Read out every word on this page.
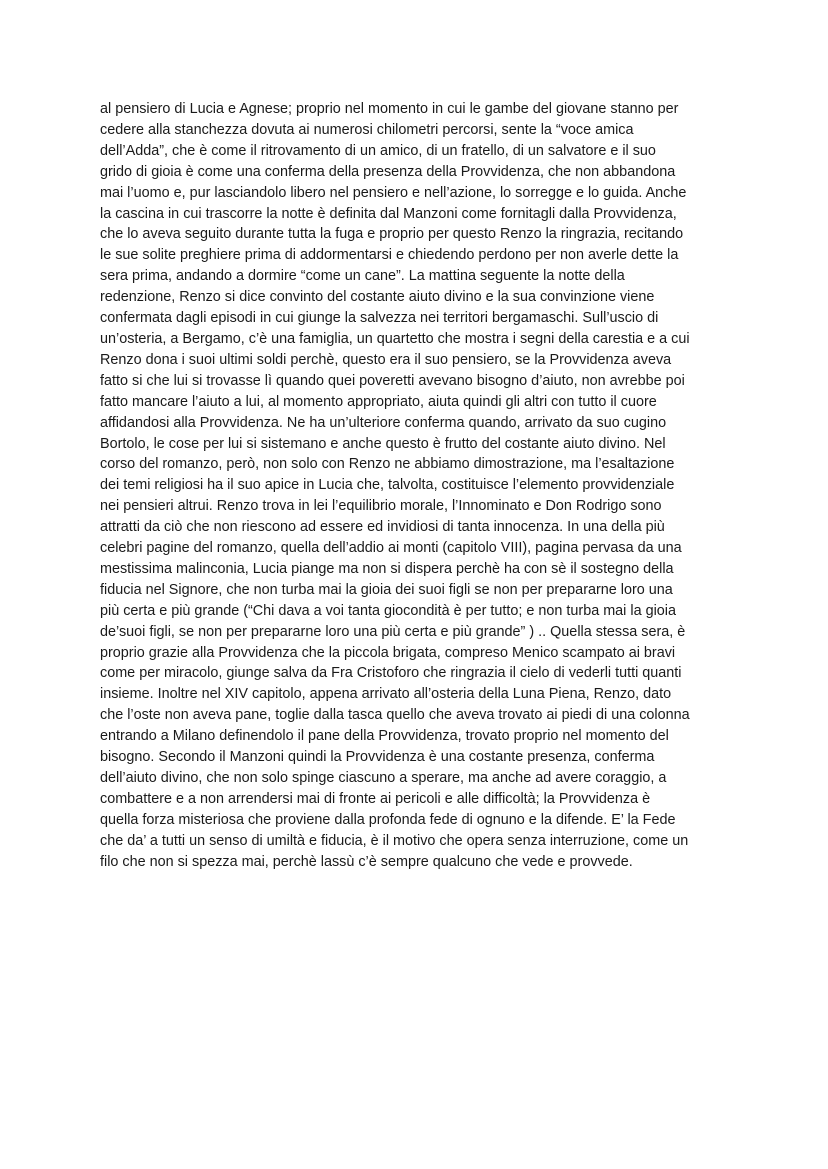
al pensiero di Lucia e Agnese; proprio nel momento in cui le gambe del giovane stanno per
cedere alla stanchezza dovuta ai numerosi chilometri percorsi, sente la “voce amica
dell’Adda”, che è come il ritrovamento di un amico, di un fratello, di un salvatore e il suo
grido di gioia è come una conferma della presenza della Provvidenza, che non abbandona
mai l’uomo e, pur lasciandolo libero nel pensiero e nell’azione, lo sorregge e lo guida. Anche
la cascina in cui trascorre la notte è definita dal Manzoni come fornitagli dalla Provvidenza,
che lo aveva seguito durante tutta la fuga e proprio per questo Renzo la ringrazia, recitando
le sue solite preghiere prima di addormentarsi e chiedendo perdono per non averle dette la
sera prima, andando a dormire “come un cane”. La mattina seguente la notte della
redenzione, Renzo si dice convinto del costante aiuto divino e la sua convinzione viene
confermata dagli episodi in cui giunge la salvezza nei territori bergamaschi. Sull’uscio di
un’osteria, a Bergamo, c’è una famiglia, un quartetto che mostra i segni della carestia e a cui
Renzo dona i suoi ultimi soldi perchè, questo era il suo pensiero, se la Provvidenza aveva
fatto si che lui si trovasse lì quando quei poveretti avevano bisogno d’aiuto, non avrebbe poi
fatto mancare l’aiuto a lui, al momento appropriato, aiuta quindi gli altri con tutto il cuore
affidandosi alla Provvidenza. Ne ha un’ulteriore conferma quando, arrivato da suo cugino
Bortolo, le cose per lui si sistemano e anche questo è frutto del costante aiuto divino. Nel
corso del romanzo, però, non solo con Renzo ne abbiamo dimostrazione, ma l’esaltazione
dei temi religiosi ha il suo apice in Lucia che, talvolta, costituisce l’elemento provvidenziale
nei pensieri altrui. Renzo trova in lei l’equilibrio morale, l’Innominato e Don Rodrigo sono
attratti da ciò che non riescono ad essere ed invidiosi di tanta innocenza. In una della più
celebri pagine del romanzo, quella dell’addio ai monti (capitolo VIII), pagina pervasa da una
mestissima malinconia, Lucia piange ma non si dispera perchè ha con sè il sostegno della
fiducia nel Signore, che non turba mai la gioia dei suoi figli se non per prepararne loro una
più certa e più grande (“Chi dava a voi tanta giocondità è per tutto; e non turba mai la gioia
de’suoi figli, se non per prepararne loro una più certa e più grande” ) .. Quella stessa sera, è
proprio grazie alla Provvidenza che la piccola brigata, compreso Menico scampato ai bravi
come per miracolo, giunge salva da Fra Cristoforo che ringrazia il cielo di vederli tutti quanti
insieme. Inoltre nel XIV capitolo, appena arrivato all’osteria della Luna Piena, Renzo, dato
che l’oste non aveva pane, toglie dalla tasca quello che aveva trovato ai piedi di una colonna
entrando a Milano definendolo il pane della Provvidenza, trovato proprio nel momento del
bisogno. Secondo il Manzoni quindi la Provvidenza è una costante presenza, conferma
dell’aiuto divino, che non solo spinge ciascuno a sperare, ma anche ad avere coraggio, a
combattere e a non arrendersi mai di fronte ai pericoli e alle difficoltà; la Provvidenza è
quella forza misteriosa che proviene dalla profonda fede di ognuno e la difende. E’ la Fede
che da’ a tutti un senso di umiltà e fiducia, è il motivo che opera senza interruzione, come un
filo che non si spezza mai, perchè lassù c’è sempre qualcuno che vede e provvede.
